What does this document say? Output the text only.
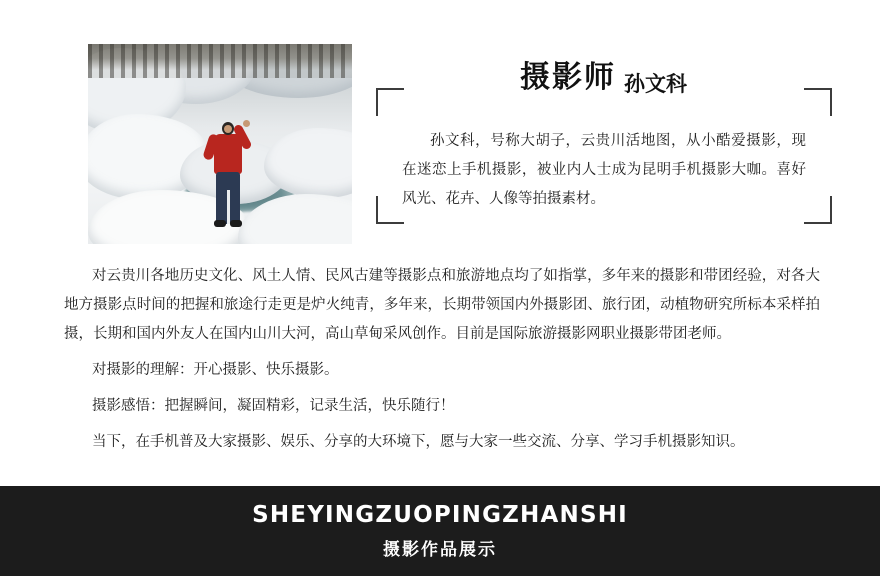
摄影师 孙文科

孙文科，号称大胡子，云贵川活地图，从小酷爱摄影，现在迷恋上手机摄影，被业内人士成为昆明手机摄影大咖。喜好风光、花卉、人像等拍摄素材。

对云贵川各地历史文化、风土人情、民风古建等摄影点和旅游地点均了如指掌，多年来的摄影和带团经验，对各大地方摄影点时间的把握和旅途行走更是炉火纯青，多年来，长期带领国内外摄影团、旅行团，动植物研究所标本采样拍摄，长期和国内外友人在国内山川大河，高山草甸采风创作。目前是国际旅游摄影网职业摄影带团老师。

对摄影的理解：开心摄影、快乐摄影。

摄影感悟：把握瞬间，凝固精彩，记录生活，快乐随行！

当下，在手机普及大家摄影、娱乐、分享的大环境下，愿与大家一些交流、分享、学习手机摄影知识。

SHEYINGZUOPINGZHANSHI
摄影作品展示
